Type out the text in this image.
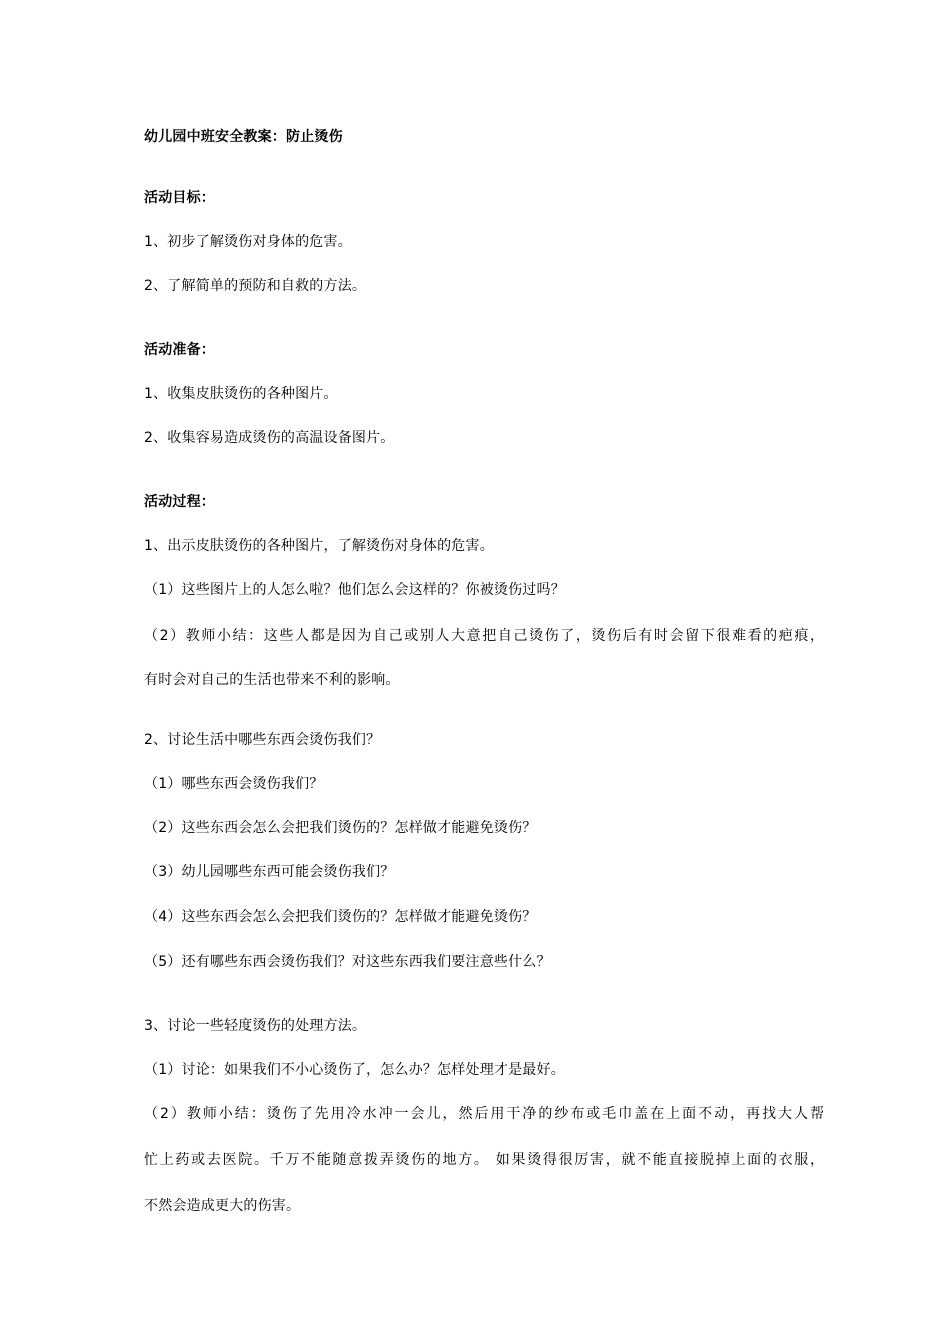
幼儿园中班安全教案：防止烫伤
活动目标：
1、初步了解烫伤对身体的危害。
2、了解简单的预防和自救的方法。
活动准备：
1、收集皮肤烫伤的各种图片。
2、收集容易造成烫伤的高温设备图片。
活动过程：
1、出示皮肤烫伤的各种图片，了解烫伤对身体的危害。
（1）这些图片上的人怎么啦？他们怎么会这样的？你被烫伤过吗？
（2）教师小结：这些人都是因为自己或别人大意把自己烫伤了，烫伤后有时会留下很难看的疤痕，
有时会对自己的生活也带来不利的影响。
2、讨论生活中哪些东西会烫伤我们？
（1）哪些东西会烫伤我们？
（2）这些东西会怎么会把我们烫伤的？怎样做才能避免烫伤？
（3）幼儿园哪些东西可能会烫伤我们？
（4）这些东西会怎么会把我们烫伤的？怎样做才能避免烫伤？
（5）还有哪些东西会烫伤我们？对这些东西我们要注意些什么？
3、讨论一些轻度烫伤的处理方法。
（1）讨论：如果我们不小心烫伤了，怎么办？怎样处理才是最好。
（2）教师小结：烫伤了先用冷水冲一会儿，然后用干净的纱布或毛巾盖在上面不动，再找大人帮
忙上药或去医院。千万不能随意拨弄烫伤的地方。 如果烫得很厉害，就不能直接脱掉上面的衣服，
不然会造成更大的伤害。
